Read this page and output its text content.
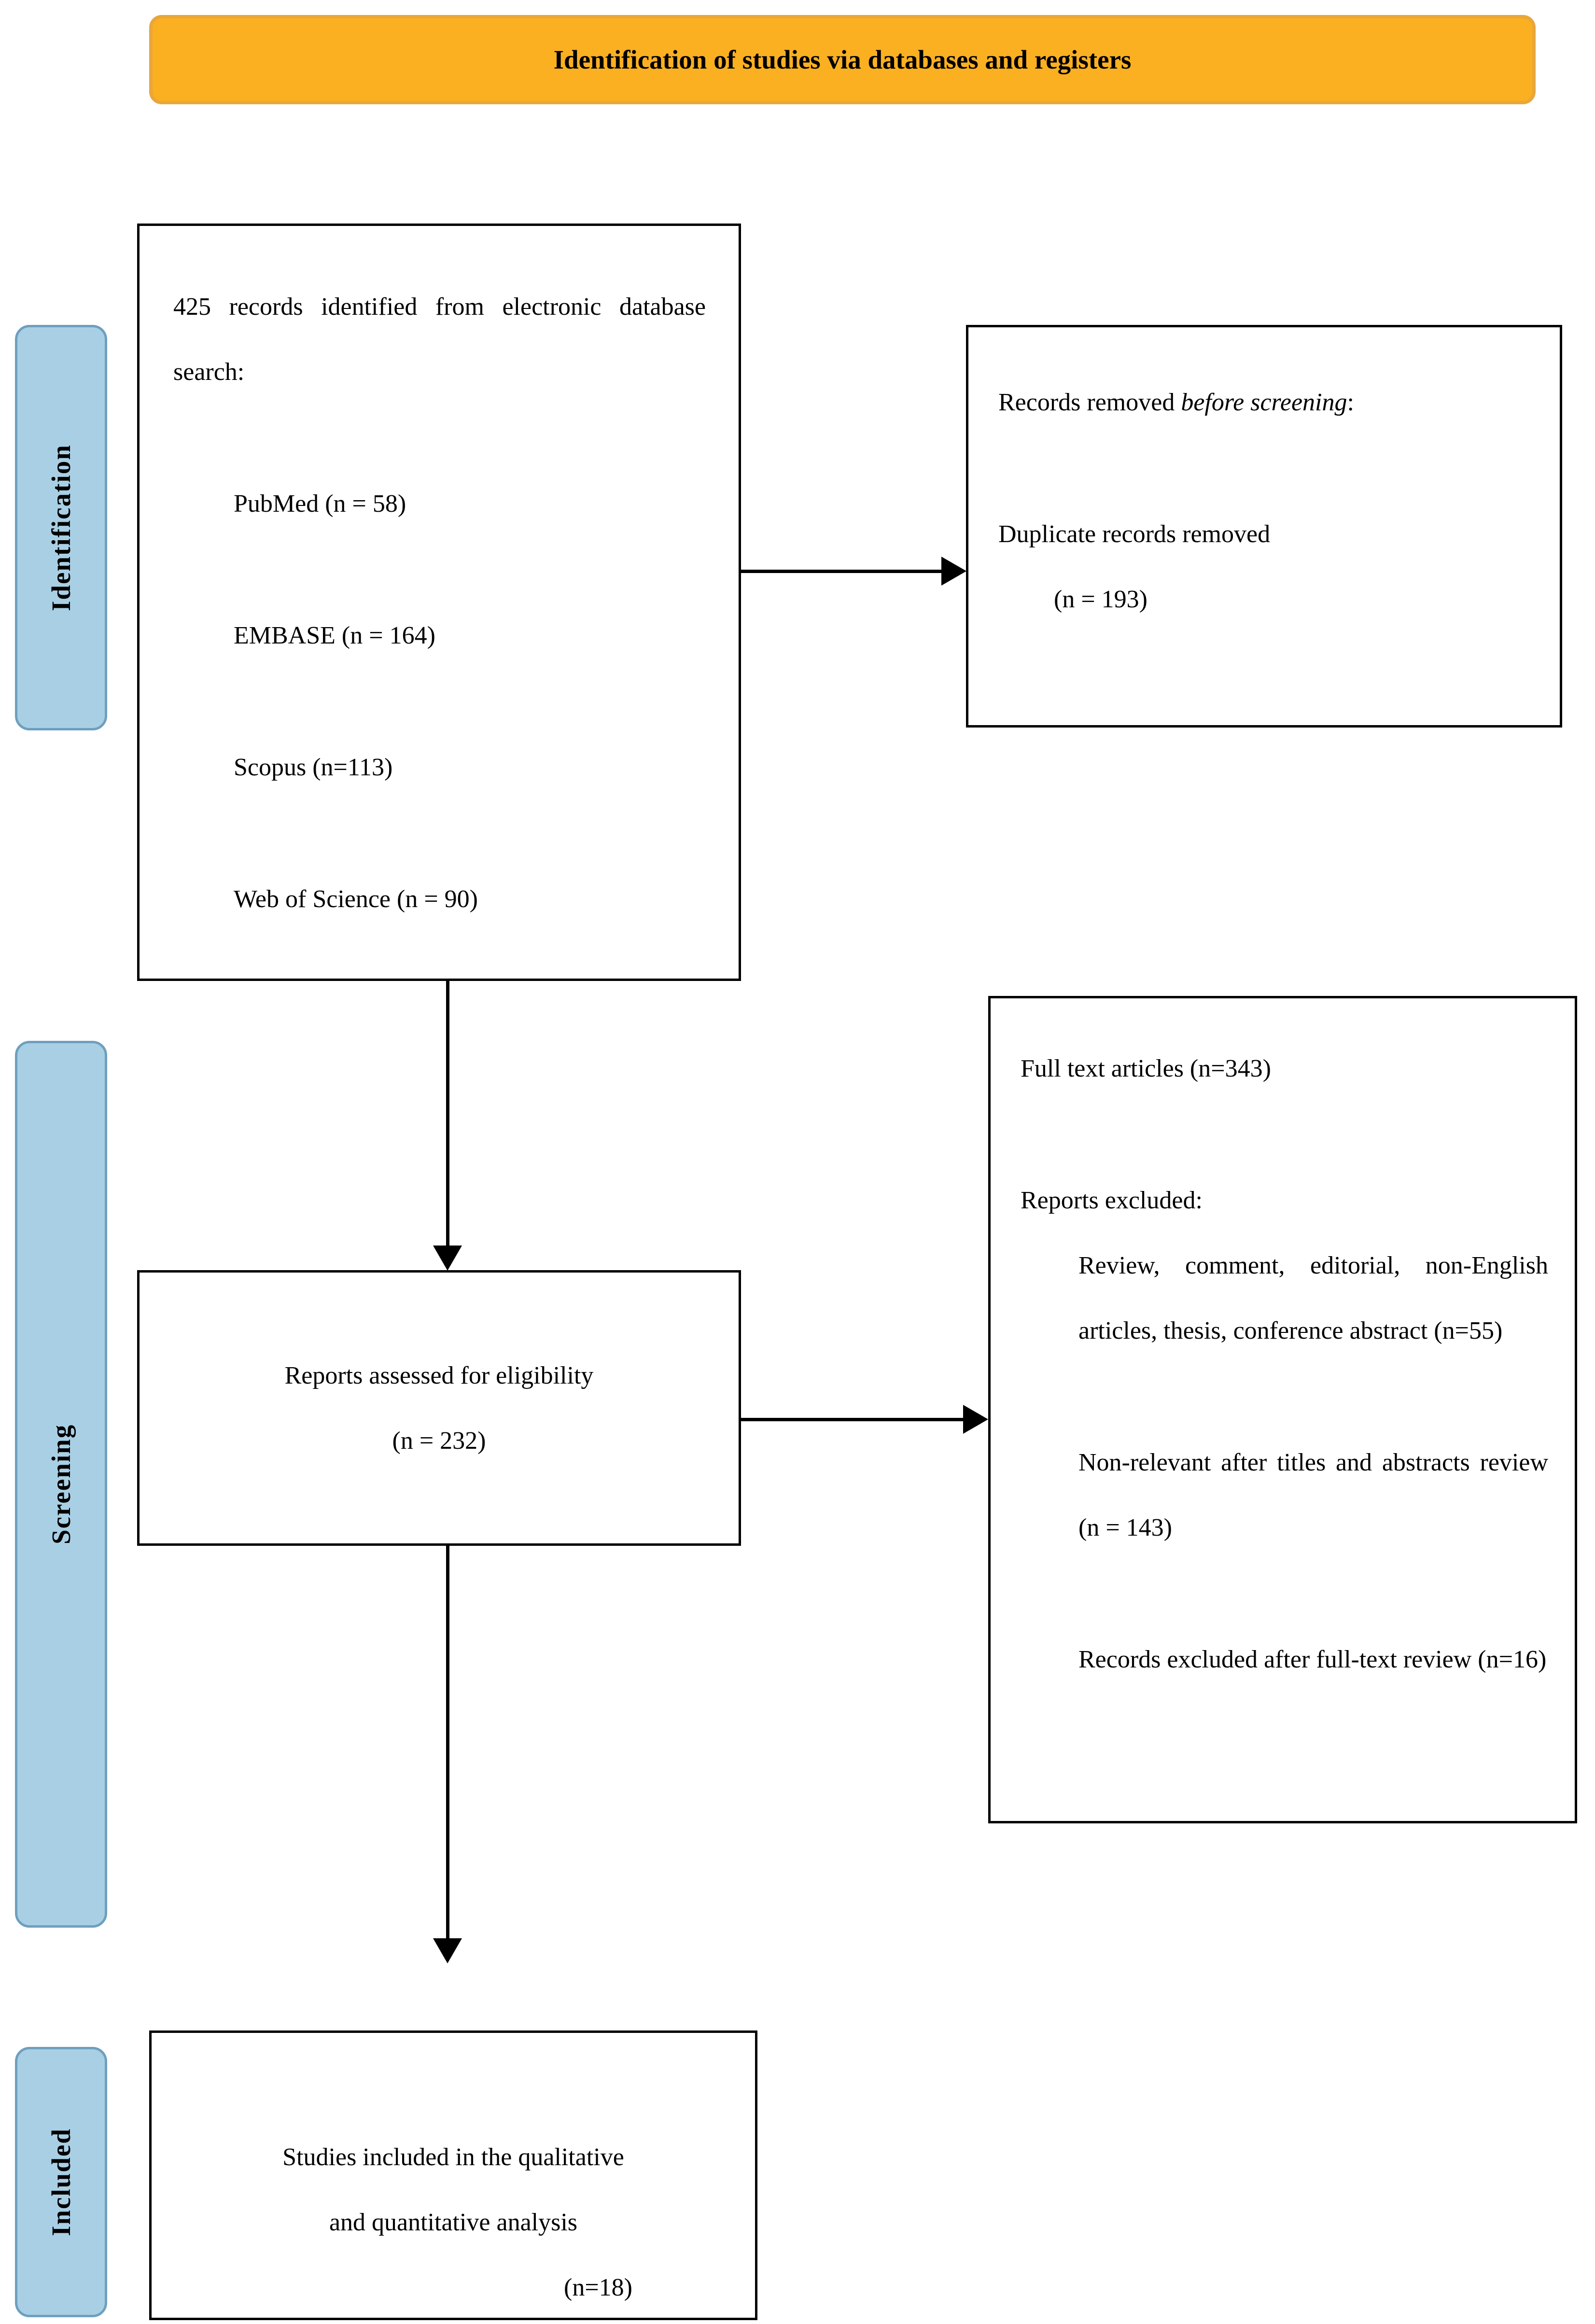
Identification of studies via databases and registers
Identification
Screening
Included
425 records identified from electronic database search:
PubMed (n = 58)
EMBASE (n = 164)
Scopus (n=113)
Web of Science (n = 90)
Records removed before screening:
Duplicate records removed
(n = 193)
Reports assessed for eligibility
(n = 232)
Full text articles (n=343)
Reports excluded:
Review, comment, editorial, non-English articles, thesis, conference abstract (n=55)
Non-relevant after titles and abstracts review (n = 143)
Records excluded after full-text review (n=16)
Studies included in the qualitative
and quantitative analysis
(n=18)
